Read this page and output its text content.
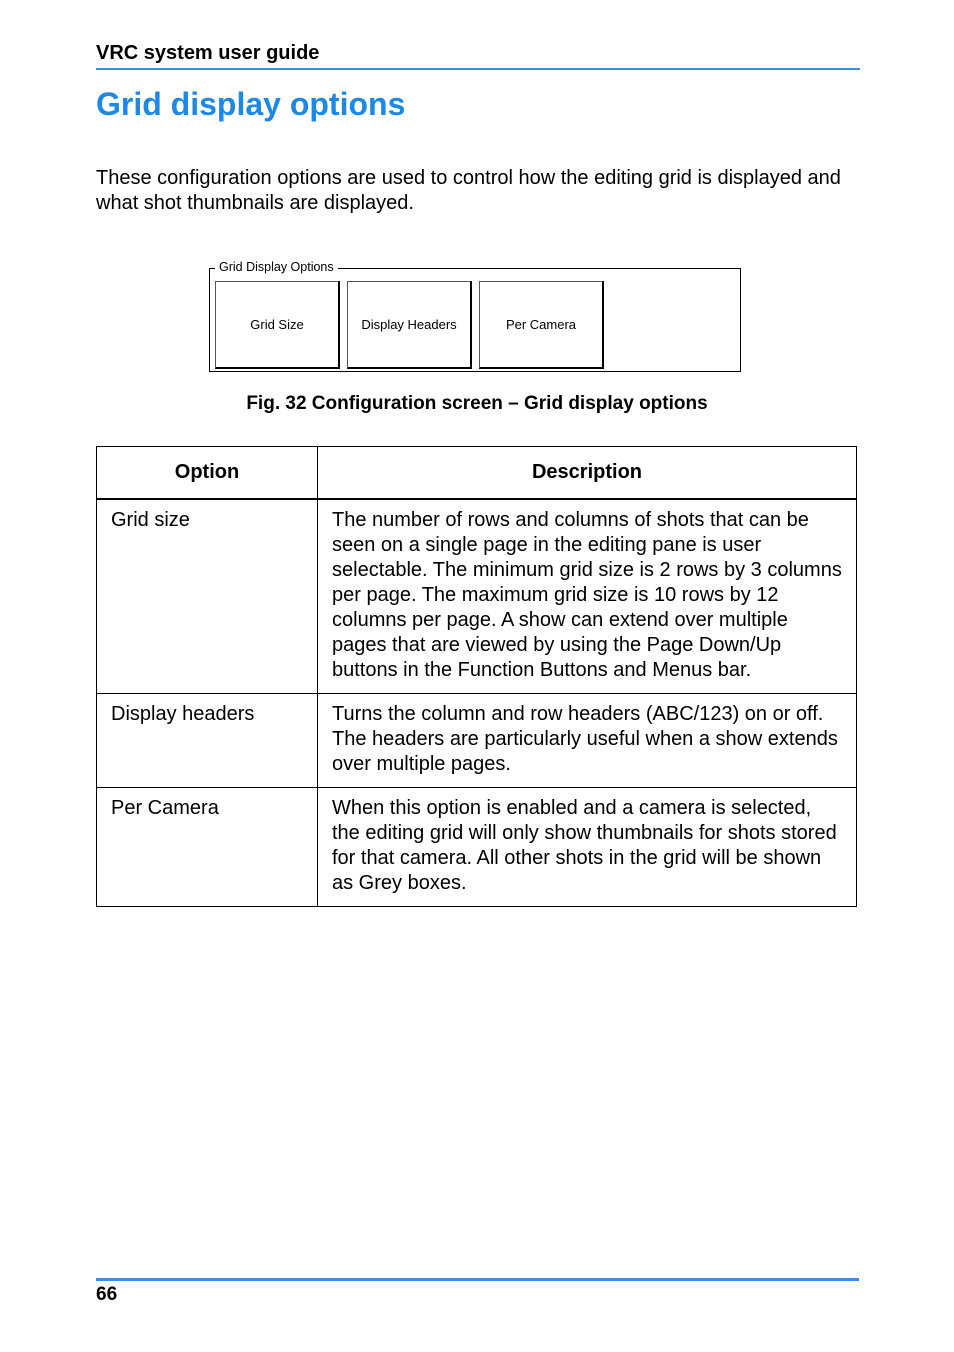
VRC system user guide
Grid display options

These configuration options are used to control how the editing grid is displayed and what shot thumbnails are displayed.

Grid Display Options
Grid Size	Display Headers	Per Camera

Fig. 32 Configuration screen – Grid display options

Option	Description
Grid size	The number of rows and columns of shots that can be seen on a single page in the editing pane is user selectable. The minimum grid size is 2 rows by 3 columns per page. The maximum grid size is 10 rows by 12 columns per page. A show can extend over multiple pages that are viewed by using the Page Down/Up buttons in the Function Buttons and Menus bar.
Display headers	Turns the column and row headers (ABC/123) on or off. The headers are particularly useful when a show extends over multiple pages.
Per Camera	When this option is enabled and a camera is selected, the editing grid will only show thumbnails for shots stored for that camera. All other shots in the grid will be shown as Grey boxes.
66
